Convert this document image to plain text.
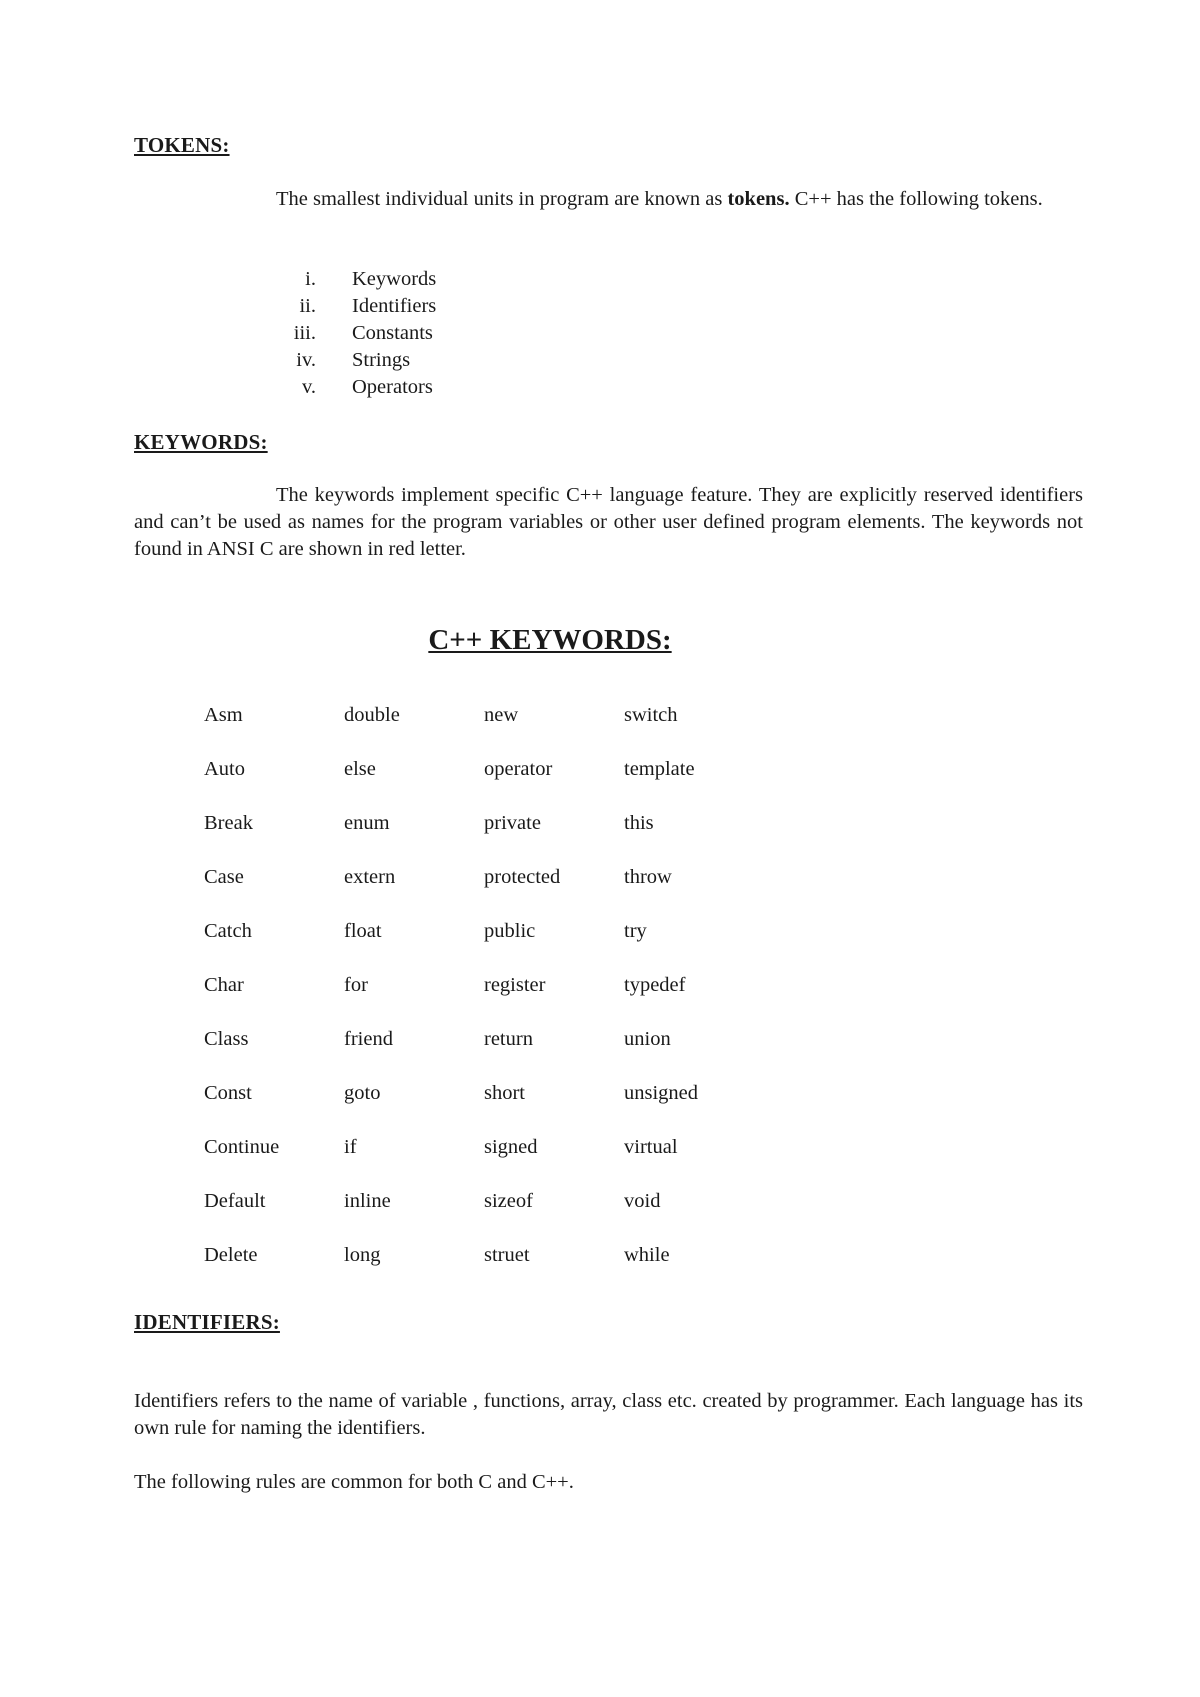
TOKENS:

The smallest individual units in program are known as tokens. C++ has the following tokens.

i.	Keywords
ii.	Identifiers
iii.	Constants
iv.	Strings
v.	Operators
KEYWORDS:

The keywords implement specific C++ language feature. They are explicitly reserved identifiers and can’t be used as names for the program variables or other user defined program elements. The keywords not found in ANSI C are shown in red letter.

C++ KEYWORDS:
Asm	double	new	switch
Auto	else	operator	template
Break	enum	private	this
Case	extern	protected	throw
Catch	float	public	try
Char	for	register	typedef
Class	friend	return	union
Const	goto	short	unsigned
Continue	if	signed	virtual
Default	inline	sizeof	void
Delete	long	struet	while
IDENTIFIERS:

Identifiers refers to the name of variable , functions, array, class etc. created by programmer. Each language has its own rule for naming the identifiers.

The following rules are common for both C and C++.
